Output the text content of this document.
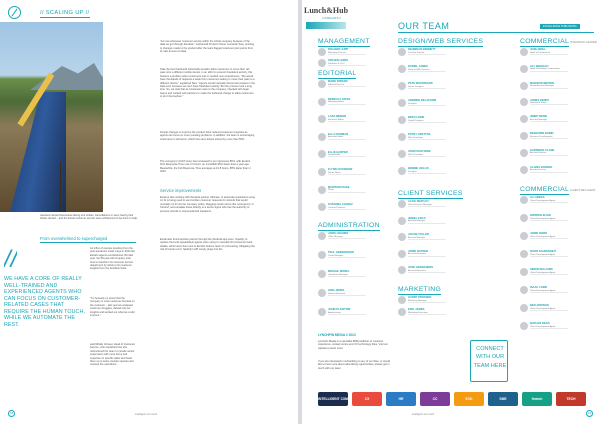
// SCALING UP //
travelers carried themselves facing tour strikes, cancellations or seen having their tickets denied – and the Eurail customer service team whiteboxed to be there to help.
From overwhelmed to supercharged
//
WE HAVE A CORE OF REALLY WELL-TRAINED AND EXPERIENCED AGENTS WHO CAN FOCUS ON CUSTOMER-RELATED CASES THAT REQUIRE THE HUMAN TOUCH, WHILE WE AUTOMATE THE REST.
An influx of queries resulting from the post-pandemic travel surge in 2022 left Eurail's agents overwhelmed. But last year, the 68-year-old company took time to transform its customer service department by delving into customer insights from the Zendesk Suite.
"I'm honestly so proud that the company is more customer-focused on the customer – last year we analysed customer struggles, delved into our insights and worked out what we could improve,"
said Mirelle Verveel, Head of Customer Service, who explained how she restructured her team to include senior supervisors with more focus and expertise on specific tasks and freed them up to solve complex queries and oversee the operations.
"As now whenever customer service within the whole company because of the data we get through Zendesk," said Eurail Product Owner Leonardo Sisa, pointing to changes made to the product after the team flagged customer pain points from its vast amount of data.
Take the fact that Eurail historically wouldn't allow customers to move their rail pass onto a different mobile device, in an effort to prevent fraudulent activity; this became a problem when customers lost or needed new smartphones. "We would have thousands of requests a week from customers asking to move their pass to a different device," explained Sisa. "Agents would manually disconnect passes in the back-end, because we can't have fraudulent activity. But the process took a long time. So, we took that as a business case to the company, checked with legal teams and worked with partners to make the technical change to allow customers to do it themselves."
Simple changes to improve the product have reduced customer enquiries as agents can focus on more pressing problems. In addition, the team is encouraging customers to self-serve, which has seen tickets solved by more than 50%.
The company's CSAT score has increased by an impressive 86%, with Eurail's First Response Time now 3.4 hours, an incredible 95% faster than a year ago. Meanwhile, the Full Response Time averages at 10.8 hours, 88% faster than in 2022.
Service improvements
Eurail is also working with Zendesk partner Ultimate, to automate resolutions using AI. AI is being used to send written customer requests for refunds that would normally not fit into the company policy. Flagging certain terms like 'emergency' or 'funeral', and escalate these directly to a senior agent who has the authority to process refunds in unprecedented situations.
Eurail also found another partner through the Zendesk app store. Sparkly, to replace the local spreadsheet agents were using to manually find customer bank details, which were then sent to Eurail's finance team for processing. Mitigating the risk of human error, Sparkly's API simply plugs into the
18	intelligent-cxm.tech
Lunch&Hub
// INSIGHTS //
OUR TEAM	EXCELLENCE PUBLISHING
MANAGEMENT
RICHARD JUPP
Managing Director
STEVEN LEWIS
Publisher & CEO
EDITORIAL
MARK SPEERS
Editorial Director
REBECCA HICKS
Managing Editor
LARA MENON
Research Editor
ELLA PAIRMAN
Assistant Editor
ELLIE HARPER
Digital Editor
FLYNN GOODNOW
Senior Writer
MADISON PAIGE
Writer
SUSANNA CHAVEZ
Content Producer
ADMINISTRATION
JANIS HOLMES
Office Manager
PAUL GREENWOOD
Credit Manager
MIKHAIL MOREL
Operations Manager
GINA JENKS
Finance Assistant
JOHN PLAISTOW
Administrator
LYNCHPIN MEDIA // 2024
Lynchpin Media is a specialist B2B publisher of customer experience, contact centre and CX technology titles. Visit our website to learn more.
If you are interested in subscribing to any of our titles, or would like to hear more about advertising opportunities, please get in touch with our team.
DESIGN/WEB SERVICES
DEHWRAN BENNETT
Creative Director
DANIEL JAMES
Head of Web Services
PETE WOODWARD
Senior Designer
ANDREW DELAFORM
Designer
BEN FLORIE
Digital Designer
FRYNY CRETTAN
Web Developer
JONATHAN WINE
Web Developer
BENNIE HOLLIS
Designer
CLIENT SERVICES
ALICE WHITLEY
Client Services Manager
JENNA GOLD
Account Manager
JACOB TAYLOR
Account Manager
JAMIE RAYNER
Account Executive
JOSH HERNANDES
Account Executive
MARKETING
HARRY PROSSER
Marketing Manager
ERIC JAMES
Marketing Executive
CONNECT WITH OUR TEAM HERE
COMMERCIAL (STRATEGIC LEADER)
JOSH BRILL
Head of Commercial
ALY BRADLEY
Head of Strategic Partnerships
MADISON BROWN
Senior Account Manager
JAMES PENNY
Director of Sales
JIMMY BENN
Account Manager
BENJAMIN BOBIN
Business Development
HARRISON CLARK
Account Director
ALAINA BARKER
Account Director
COMMERCIAL (CLIENT DEV AGENT)
ALI ABBAS
Client Development Agent
WARREN ELKIN
Client Development Agent
JAMIE WARD
Client Development Agent
DAVID FAHRENHEIT
Client Development Agent
SIMON WILLIAMS
Client Development Agent
ISAAC LOWE
Client Development Agent
BEN ADDISON
Client Development Agent
NATHAN DEAN
Client Development Agent
INTELLIGENT CXM	CX	HR	CC	EXO	SME	fintech	TECH
intelligent-cxm.tech	19
